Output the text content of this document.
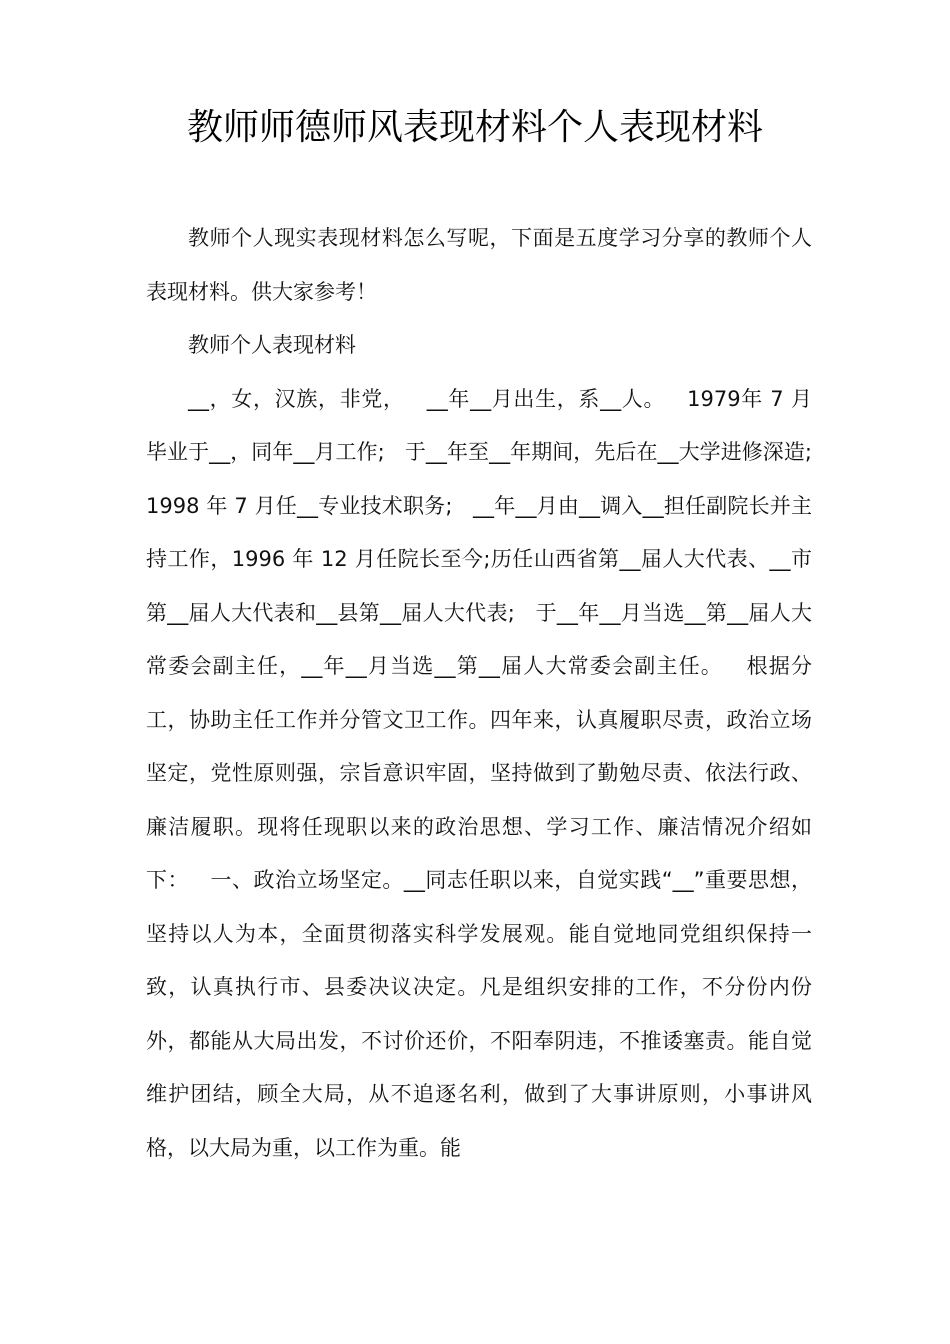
教师师德师风表现材料个人表现材料

教师个人现实表现材料怎么写呢，下面是五度学习分享的教师个人表现材料。供大家参考！

教师个人表现材料

__，女，汉族，非党，   __年__月出生，系__人。   1979年 7 月毕业于__，同年__月工作;   于__年至__年期间，先后在__大学进修深造;   1998 年 7 月任__专业技术职务;   __年__月由__调入__担任副院长并主持工作，1996 年 12 月任院长至今;历任山西省第__届人大代表、__市第__届人大代表和__县第__届人大代表;   于__年__月当选__第__届人大常委会副主任，__年__月当选__第__届人大常委会副主任。   根据分工，协助主任工作并分管文卫工作。四年来，认真履职尽责，政治立场坚定，党性原则强，宗旨意识牢固，坚持做到了勤勉尽责、依法行政、廉洁履职。现将任现职以来的政治思想、学习工作、廉洁情况介绍如下：   一、政治立场坚定。__同志任职以来，自觉实践“__”重要思想，坚持以人为本，全面贯彻落实科学发展观。能自觉地同党组织保持一致，认真执行市、县委决议决定。凡是组织安排的工作，不分份内份外，都能从大局出发，不讨价还价，不阳奉阴违，不推诿塞责。能自觉维护团结，顾全大局，从不追逐名利，做到了大事讲原则，小事讲风格，以大局为重，以工作为重。能
